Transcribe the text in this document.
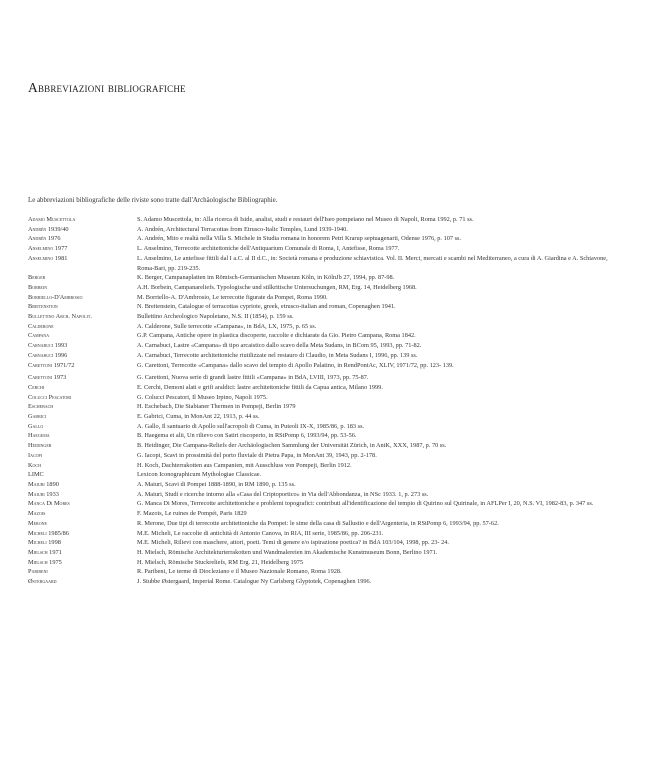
Abbreviazioni bibliografiche
Le abbreviazioni bibliografiche delle riviste sono tratte dall'Archäologische Bibliographie.
Adamo Muscettola	S. Adamo Muscettola, in: Alla ricerca di Iside, analisi, studi e restauri dell'Iseo pompeiano nel Museo di Napoli, Roma 1992, p. 71 ss.
Andrén 1939/40	A. Andrén, Architectural Terracottas from Etrusco-Italic Temples, Lund 1939-1940.
Andrén 1976	A. Andrén, Mito e realtà nella Villa S. Michele in Studia romana in honorem Petri Krarup septuagenarii, Odense 1976, p. 107 ss.
Anselmino 1977	L. Anselmino, Terrecotte architettoniche dell'Antiquarium Comunale di Roma, I, Antefisse, Roma 1977.
Anselmino 1981	L. Anselmino, Le antefisse fittili dal I a.C. al II d.C., in: Società romana e produzione schiavistica. Vol. II. Merci, mercati e scambi nel Mediterraneo, a cura di A. Giardina e A. Schiavone, Roma-Bari, pp. 219-235.
Berger	K. Berger, Campanaplatten im Römisch-Germanischen Museum Köln, in KölnJb 27, 1994, pp. 87-98.
Borbein	A.H. Borbein, Campanareliefs. Typologische und stilkritische Untersuchungen, RM, Erg. 14, Heidelberg 1968.
Borriello-D'Ambrosio	M. Borriello-A. D'Ambrosio, Le terrecotte figurate da Pompei, Roma 1990.
Breitenstein	N. Breitenstein, Catalogue of terracottas cypriote, greek, etrusco-italian and roman, Copenaghen 1941.
Bullettino Arch. Napolit.	Bullettino Archeologico Napoletano, N.S. II (1854), p. 159 ss.
Calderone	A. Calderone, Sulle terrecotte «Campana», in BdA, LX, 1975, p. 65 ss.
Campana	G.P. Campana, Antiche opere in plastica discoperte, raccolte e dichiarate da Gio. Pietro Campana, Roma 1842.
Carnabuci 1993	A. Carnabuci, Lastre «Campana» di tipo arcaistico dallo scavo della Meta Sudans, in BCom 95, 1993, pp. 71-82.
Carnabuci 1996	A. Carnabuci, Terrecotte architettoniche riutilizzate nel restauro di Claudio, in Meta Sudans I, 1996, pp. 139 ss.
Carettoni 1971/72	G. Carettoni, Terrecotte «Campana» dallo scavo del tempio di Apollo Palatino, in RendPontAc, XLIV, 1971/72, pp. 123- 139.
Carettoni 1973	G. Carettoni, Nuova serie di grandi lastre fittili «Campana» in BdA, LVIII, 1973, pp. 75-87.
Cerchi	E. Cerchi, Demoni alati e grifi araldici: lastre architettoniche fittili da Capua antica, Milano 1999.
Colucci Pescatori	G. Colucci Pescatori, Il Museo Irpino, Napoli 1975.
Eschebach	H. Eschebach, Die Stabianer Thermen in Pompeji, Berlin 1979
Gabrici	E. Gabrici, Cuma, in MonAnt 22, 1913, p. 44 ss.
Gallo	A. Gallo, Il santuario di Apollo sull'acropoli di Cuma, in Puteoli IX-X, 1985/86, p. 183 ss.
Haegema	B. Haegema et alii, Un rilievo con Satiri riscoperto, in RStPomp 6, 1993/94, pp. 53-56.
Heidinger	B. Heidinger, Die Campana-Reliefs der Archäologischen Sammlung der Universität Zürich, in AntK, XXX, 1987, p. 70 ss.
Iacopi	G. Iacopi, Scavi in prossimità del porto fluviale di Pietra Papa, in MonAnt 39, 1943, pp. 2-178.
Koch	H. Koch, Dachterrakotten aus Campanien, mit Ausschluss von Pompeji, Berlin 1912.
LIMC	Lexicon Iconographicum Mythologiae Classicae.
Maiuri 1890	A. Maiuri, Scavi di Pompei 1888-1890, in RM 1890, p. 135 ss.
Maiuri 1933	A. Maiuri, Studi e ricerche intorno alla «Casa del Criptoportico» in Via dell'Abbondanza, in NSc 1933. 1, p. 273 ss.
Manca Di Mores	G. Manca Di Mores, Terrecotte architettoniche e problemi topografici: contributi all'identificazione del tempio di Quirino sul Quirinale, in AFLPer I, 20, N.S. VI, 1982-83, p. 347 ss.
Mazois	F. Mazois, Le ruines de Pompéi, Paris 1829
Merone	R. Merone, Due tipi di terrecotte architettoniche da Pompei: le sime della casa di Sallustio e dell'Argenteria, in RStPomp 6, 1993/94, pp. 57-62.
Micheli 1985/86	M.E. Micheli, Le raccolte di antichità di Antonio Canova, in RIA, III serie, 1985/86, pp. 206-231.
Micheli 1998	M.E. Micheli, Rilievi con maschere, attori, poeti. Temi di genere e/o ispirazione poetica? in BdA 103/104, 1998, pp. 23- 24.
Mielsch 1971	H. Mielsch, Römische Architekturterrakotten und Wandmalereien im Akademische Kunstmuseum Bonn, Berlino 1971.
Mielsch 1975	H. Mielsch, Römische Stuckreliefs, RM Erg. 21, Heidelberg 1975
Paribeni	R. Paribeni, Le terme di Diocleziano e il Museo Nazionale Romano, Roma 1928.
Østergaard	J. Stubbe Østergaard, Imperial Rome. Catalogue Ny Carlsberg Glyptotek, Copenaghen 1996.
